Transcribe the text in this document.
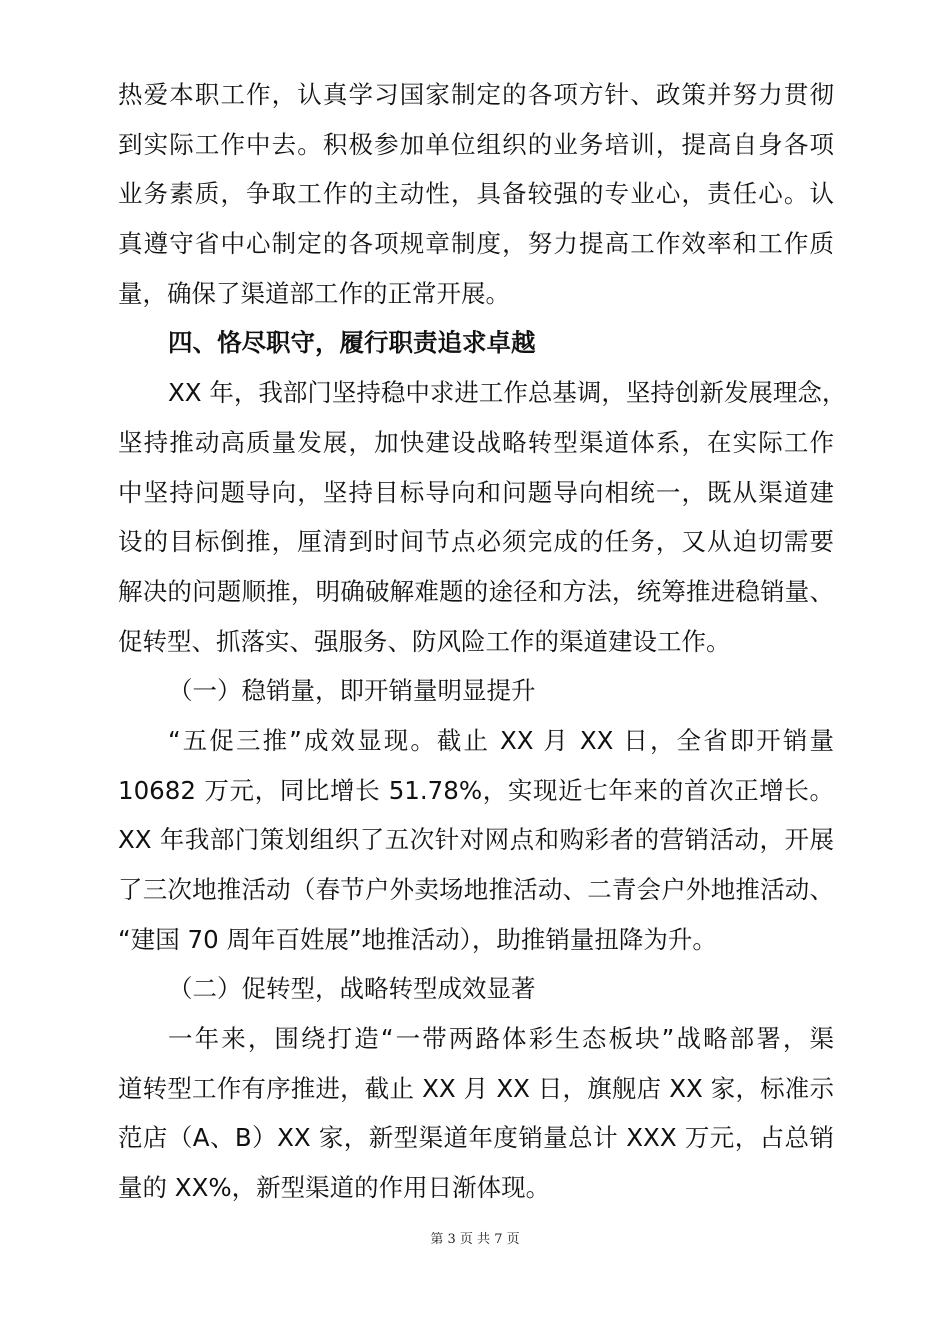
热爱本职工作，认真学习国家制定的各项方针、政策并努力贯彻
到实际工作中去。积极参加单位组织的业务培训，提高自身各项
业务素质，争取工作的主动性，具备较强的专业心，责任心。认
真遵守省中心制定的各项规章制度，努力提高工作效率和工作质
量，确保了渠道部工作的正常开展。
四、恪尽职守，履行职责追求卓越
XX 年，我部门坚持稳中求进工作总基调，坚持创新发展理念，
坚持推动高质量发展，加快建设战略转型渠道体系，在实际工作
中坚持问题导向，坚持目标导向和问题导向相统一，既从渠道建
设的目标倒推，厘清到时间节点必须完成的任务，又从迫切需要
解决的问题顺推，明确破解难题的途径和方法，统筹推进稳销量、
促转型、抓落实、强服务、防风险工作的渠道建设工作。
（一）稳销量，即开销量明显提升
“五促三推”成效显现。截止 XX 月 XX 日，全省即开销量
10682 万元，同比增长 51.78%，实现近七年来的首次正增长。
XX 年我部门策划组织了五次针对网点和购彩者的营销活动，开展
了三次地推活动（春节户外卖场地推活动、二青会户外地推活动、
“建国 70 周年百姓展”地推活动），助推销量扭降为升。
（二）促转型，战略转型成效显著
一年来，围绕打造“一带两路体彩生态板块”战略部署，渠
道转型工作有序推进，截止 XX 月 XX 日，旗舰店 XX 家，标准示
范店（A、B）XX 家，新型渠道年度销量总计 XXX 万元，占总销
量的 XX%，新型渠道的作用日渐体现。
第 3 页 共 7 页
